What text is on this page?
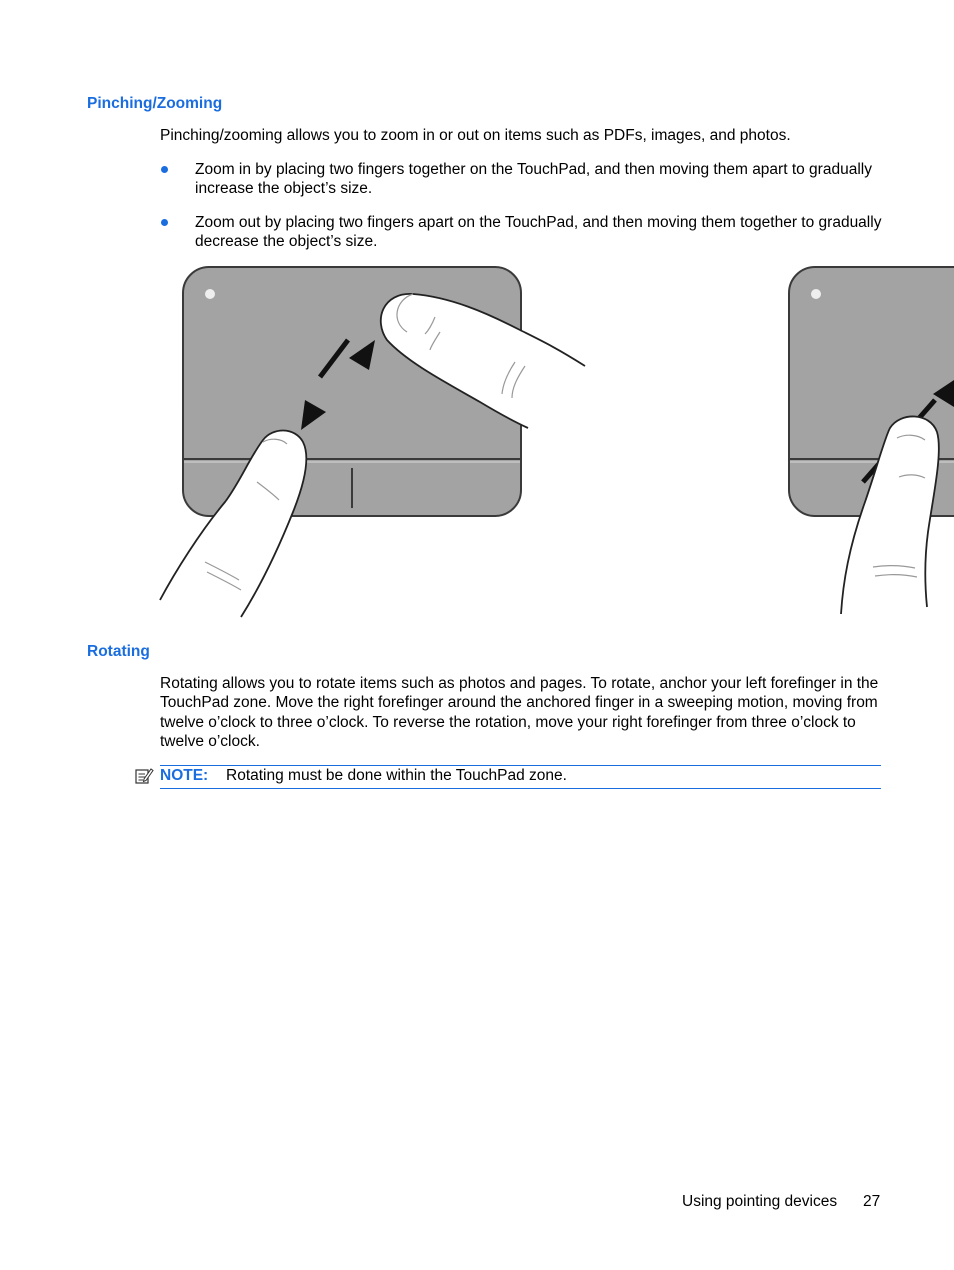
Pinching/Zooming
Pinching/zooming allows you to zoom in or out on items such as PDFs, images, and photos.
Zoom in by placing two fingers together on the TouchPad, and then moving them apart to gradually increase the object’s size.
Zoom out by placing two fingers apart on the TouchPad, and then moving them together to gradually decrease the object’s size.
Rotating
Rotating allows you to rotate items such as photos and pages. To rotate, anchor your left forefinger in the TouchPad zone. Move the right forefinger around the anchored finger in a sweeping motion, moving from twelve o’clock to three o’clock. To reverse the rotation, move your right forefinger from three o’clock to twelve o’clock.
NOTE: Rotating must be done within the TouchPad zone.
Using pointing devices 27
